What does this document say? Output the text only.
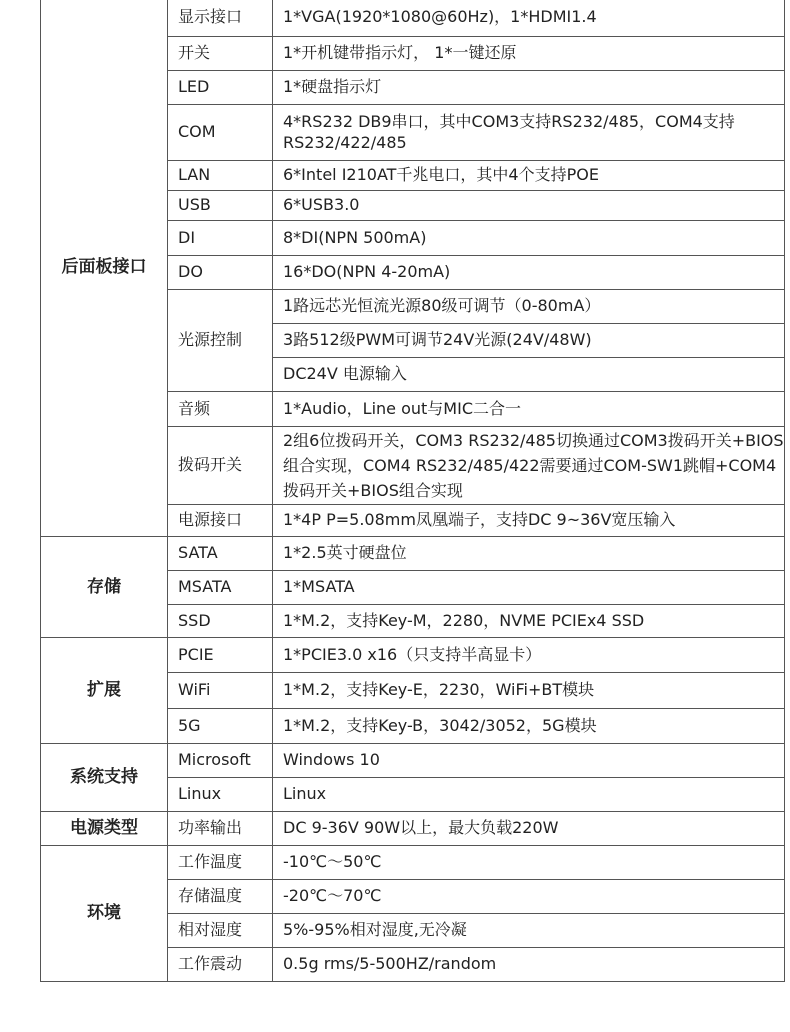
后面板接口	显示接口	1*VGA(1920*1080@60Hz)，1*HDMI1.4
	开关	1*开机键带指示灯， 1*一键还原
	LED	1*硬盘指示灯
	COM	4*RS232 DB9串口，其中COM3支持RS232/485，COM4支持RS232/422/485
	LAN	6*Intel I210AT千兆电口，其中4个支持POE
	USB	6*USB3.0
	DI	8*DI(NPN 500mA)
	DO	16*DO(NPN 4-20mA)
	光源控制	1路远芯光恒流光源80级可调节（0-80mA）
		3路512级PWM可调节24V光源(24V/48W)
		DC24V 电源输入
	音频	1*Audio，Line out与MIC二合一
	拨码开关	2组6位拨码开关，COM3 RS232/485切换通过COM3拨码开关+BIOS组合实现，COM4 RS232/485/422需要通过COM-SW1跳帽+COM4拨码开关+BIOS组合实现
	电源接口	1*4P P=5.08mm凤凰端子，支持DC 9~36V宽压输入
存储	SATA	1*2.5英寸硬盘位
	MSATA	1*MSATA
	SSD	1*M.2，支持Key-M，2280，NVME PCIEx4 SSD
扩展	PCIE	1*PCIE3.0 x16（只支持半高显卡）
	WiFi	1*M.2，支持Key-E，2230，WiFi+BT模块
	5G	1*M.2，支持Key-B，3042/3052，5G模块
系统支持	Microsoft	Windows 10
	Linux	Linux
电源类型	功率输出	DC 9-36V 90W以上，最大负载220W
环境	工作温度	-10℃～50℃
	存储温度	-20℃～70℃
	相对湿度	5%-95%相对湿度,无冷凝
	工作震动	0.5g rms/5-500HZ/random
